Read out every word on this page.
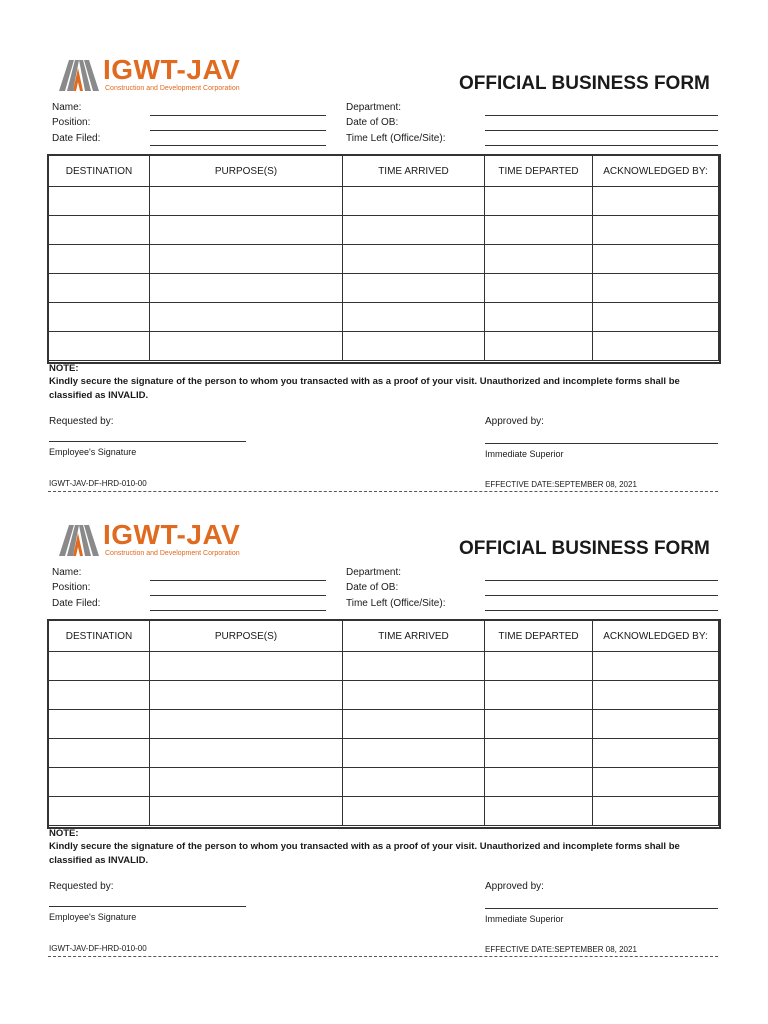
IGWT-JAV
Construction and Development Corporation	OFFICIAL BUSINESS FORM
Name:
Position:
Date Filed:
Department:
Date of OB:
Time Left (Office/Site):
DESTINATION	PURPOSE(S)	TIME ARRIVED	TIME DEPARTED	ACKNOWLEDGED BY:

NOTE:
Kindly secure the signature of the person to whom you transacted with as a proof of your visit. Unauthorized and incomplete forms shall be classified as INVALID.
Requested by:	Approved by:
Employee's Signature	Immediate Superior
IGWT-JAV-DF-HRD-010-00	EFFECTIVE DATE:SEPTEMBER 08, 2021
IGWT-JAV
Construction and Development Corporation	OFFICIAL BUSINESS FORM
Name:
Position:
Date Filed:
Department:
Date of OB:
Time Left (Office/Site):
DESTINATION	PURPOSE(S)	TIME ARRIVED	TIME DEPARTED	ACKNOWLEDGED BY:

NOTE:
Kindly secure the signature of the person to whom you transacted with as a proof of your visit. Unauthorized and incomplete forms shall be classified as INVALID.
Requested by:	Approved by:
Employee's Signature	Immediate Superior
IGWT-JAV-DF-HRD-010-00	EFFECTIVE DATE:SEPTEMBER 08, 2021
